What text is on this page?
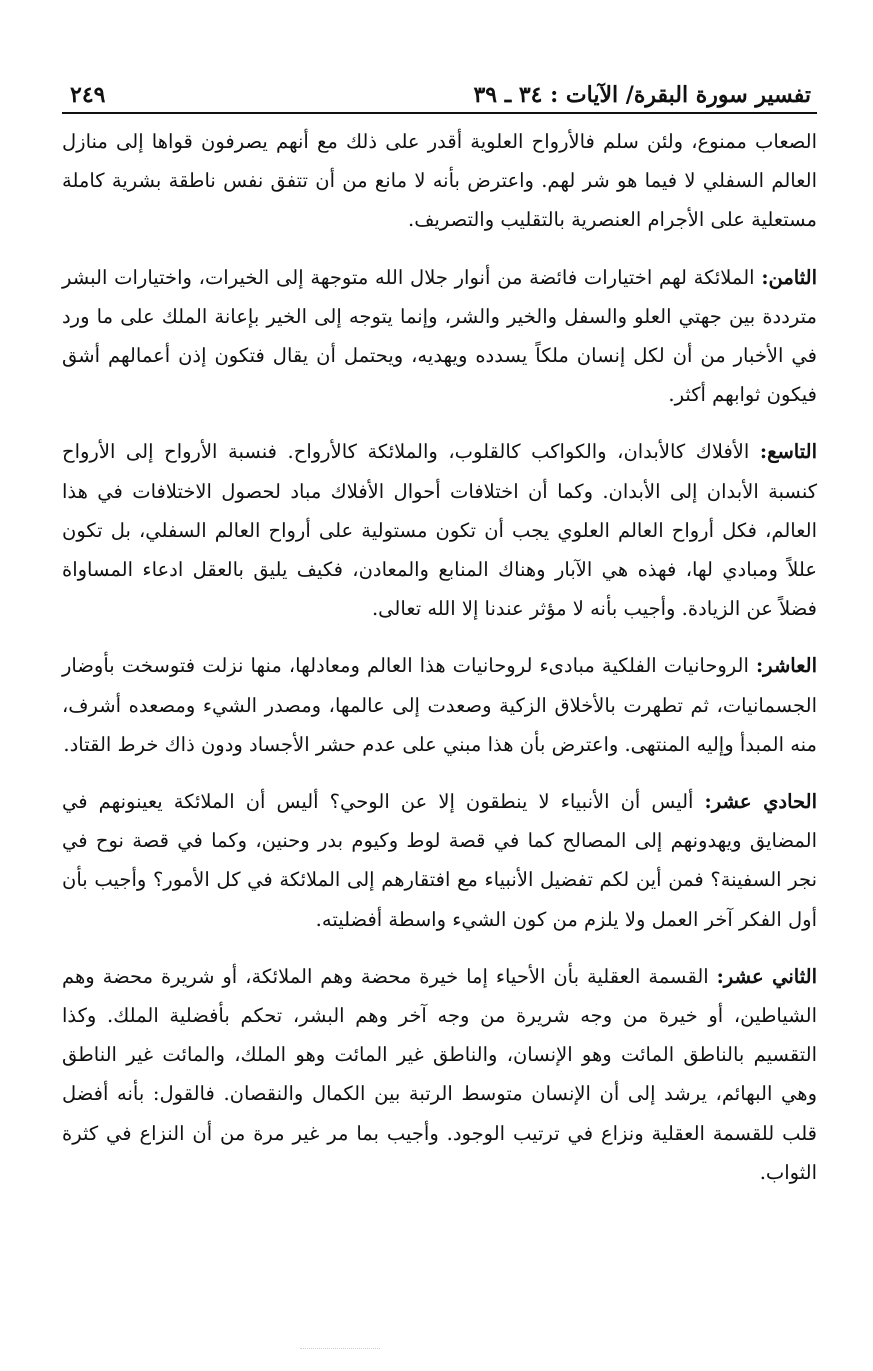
تفسير سورة البقرة/ الآيات : ٣٤ ـ ٣٩
٢٤٩

الصعاب ممنوع، ولئن سلم فالأرواح العلوية أقدر على ذلك مع أنهم يصرفون قواها إلى منازل العالم السفلي لا فيما هو شر لهم. واعترض بأنه لا مانع من أن تتفق نفس ناطقة بشرية كاملة مستعلية على الأجرام العنصرية بالتقليب والتصريف.

الثامن: الملائكة لهم اختيارات فائضة من أنوار جلال الله متوجهة إلى الخيرات، واختيارات البشر مترددة بين جهتي العلو والسفل والخير والشر، وإنما يتوجه إلى الخير بإعانة الملك على ما ورد في الأخبار من أن لكل إنسان ملكاً يسدده ويهديه، ويحتمل أن يقال فتكون إذن أعمالهم أشق فيكون ثوابهم أكثر.

التاسع: الأفلاك كالأبدان، والكواكب كالقلوب، والملائكة كالأرواح. فنسبة الأرواح إلى الأرواح كنسبة الأبدان إلى الأبدان. وكما أن اختلافات أحوال الأفلاك مباد لحصول الاختلافات في هذا العالم، فكل أرواح العالم العلوي يجب أن تكون مستولية على أرواح العالم السفلي، بل تكون عللاً ومبادي لها، فهذه هي الآبار وهناك المنابع والمعادن، فكيف يليق بالعقل ادعاء المساواة فضلاً عن الزيادة. وأجيب بأنه لا مؤثر عندنا إلا الله تعالى.

العاشر: الروحانيات الفلكية مبادىء لروحانيات هذا العالم ومعادلها، منها نزلت فتوسخت بأوضار الجسمانيات، ثم تطهرت بالأخلاق الزكية وصعدت إلى عالمها، ومصدر الشيء ومصعده أشرف، منه المبدأ وإليه المنتهى. واعترض بأن هذا مبني على عدم حشر الأجساد ودون ذاك خرط القتاد.

الحادي عشر: أليس أن الأنبياء لا ينطقون إلا عن الوحي؟ أليس أن الملائكة يعينونهم في المضايق ويهدونهم إلى المصالح كما في قصة لوط وكيوم بدر وحنين، وكما في قصة نوح في نجر السفينة؟ فمن أين لكم تفضيل الأنبياء مع افتقارهم إلى الملائكة في كل الأمور؟ وأجيب بأن أول الفكر آخر العمل ولا يلزم من كون الشيء واسطة أفضليته.

الثاني عشر: القسمة العقلية بأن الأحياء إما خيرة محضة وهم الملائكة، أو شريرة محضة وهم الشياطين، أو خيرة من وجه شريرة من وجه آخر وهم البشر، تحكم بأفضلية الملك. وكذا التقسيم بالناطق المائت وهو الإنسان، والناطق غير المائت وهو الملك، والمائت غير الناطق وهي البهائم، يرشد إلى أن الإنسان متوسط الرتبة بين الكمال والنقصان. فالقول: بأنه أفضل قلب للقسمة العقلية ونزاع في ترتيب الوجود. وأجيب بما مر غير مرة من أن النزاع في كثرة الثواب.
